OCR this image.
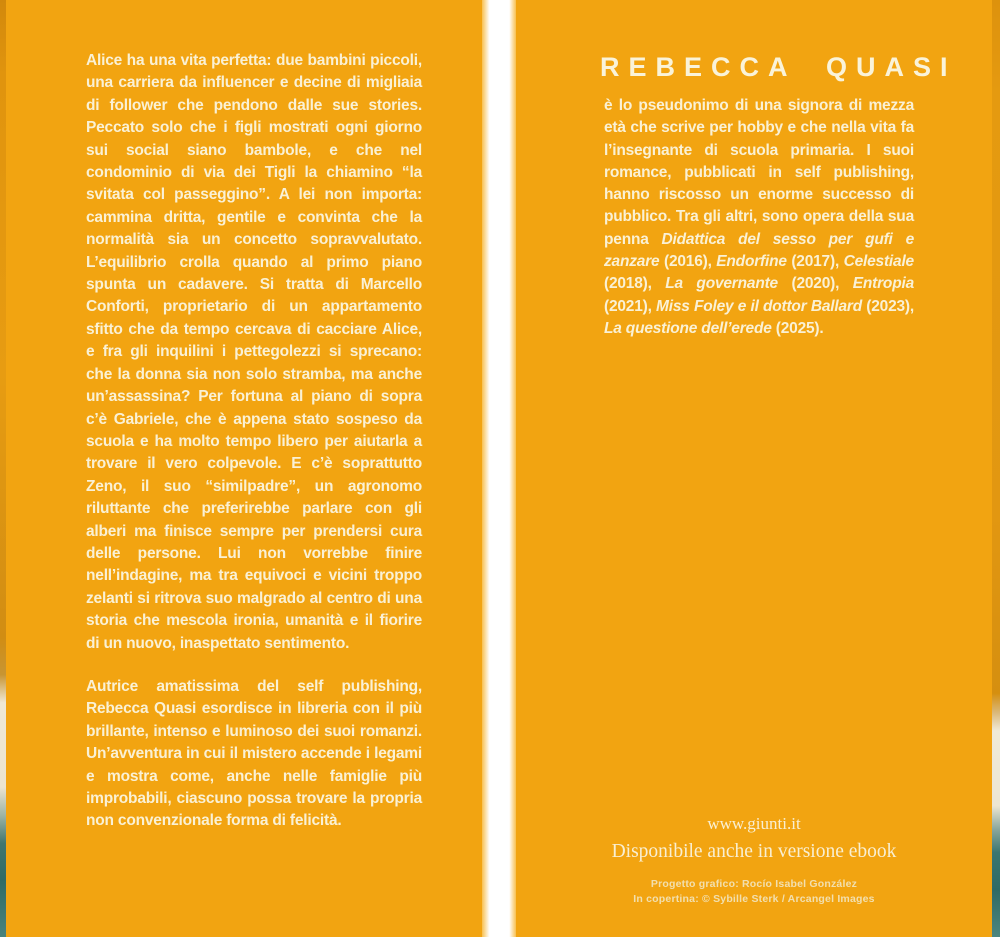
Alice ha una vita perfetta: due bambini piccoli, una carriera da influencer e decine di migliaia di follower che pendono dalle sue stories. Peccato solo che i figli mostrati ogni giorno sui social siano bambole, e che nel condominio di via dei Tigli la chiamino “la svitata col passeggino”. A lei non importa: cammina dritta, gentile e convinta che la normalità sia un concetto sopravvalutato. L’equilibrio crolla quando al primo piano spunta un cadavere. Si tratta di Marcello Conforti, proprietario di un appartamento sfitto che da tempo cercava di cacciare Alice, e fra gli inquilini i pettegolezzi si sprecano: che la donna sia non solo stramba, ma anche un’assassina? Per fortuna al piano di sopra c’è Gabriele, che è appena stato sospeso da scuola e ha molto tempo libero per aiutarla a trovare il vero colpevole. E c’è soprattutto Zeno, il suo “similpadre”, un agronomo riluttante che preferirebbe parlare con gli alberi ma finisce sempre per prendersi cura delle persone. Lui non vorrebbe finire nell’indagine, ma tra equivoci e vicini troppo zelanti si ritrova suo malgrado al centro di una storia che mescola ironia, umanità e il fiorire di un nuovo, inaspettato sentimento.

Autrice amatissima del self publishing, Rebecca Quasi esordisce in libreria con il più brillante, intenso e luminoso dei suoi romanzi. Un’avventura in cui il mistero accende i legami e mostra come, anche nelle famiglie più improbabili, ciascuno possa trovare la propria non convenzionale forma di felicità.

REBECCA QUASI
è lo pseudonimo di una signora di mezza età che scrive per hobby e che nella vita fa l’insegnante di scuola primaria. I suoi romance, pubblicati in self publishing, hanno riscosso un enorme successo di pubblico. Tra gli altri, sono opera della sua penna Didattica del sesso per gufi e zanzare (2016), Endorfine (2017), Celestiale (2018), La governante (2020), Entropia (2021), Miss Foley e il dottor Ballard (2023), La questione dell’erede (2025).
www.giunti.it
Disponibile anche in versione ebook
Progetto grafico: Rocío Isabel González
In copertina: © Sybille Sterk / Arcangel Images
